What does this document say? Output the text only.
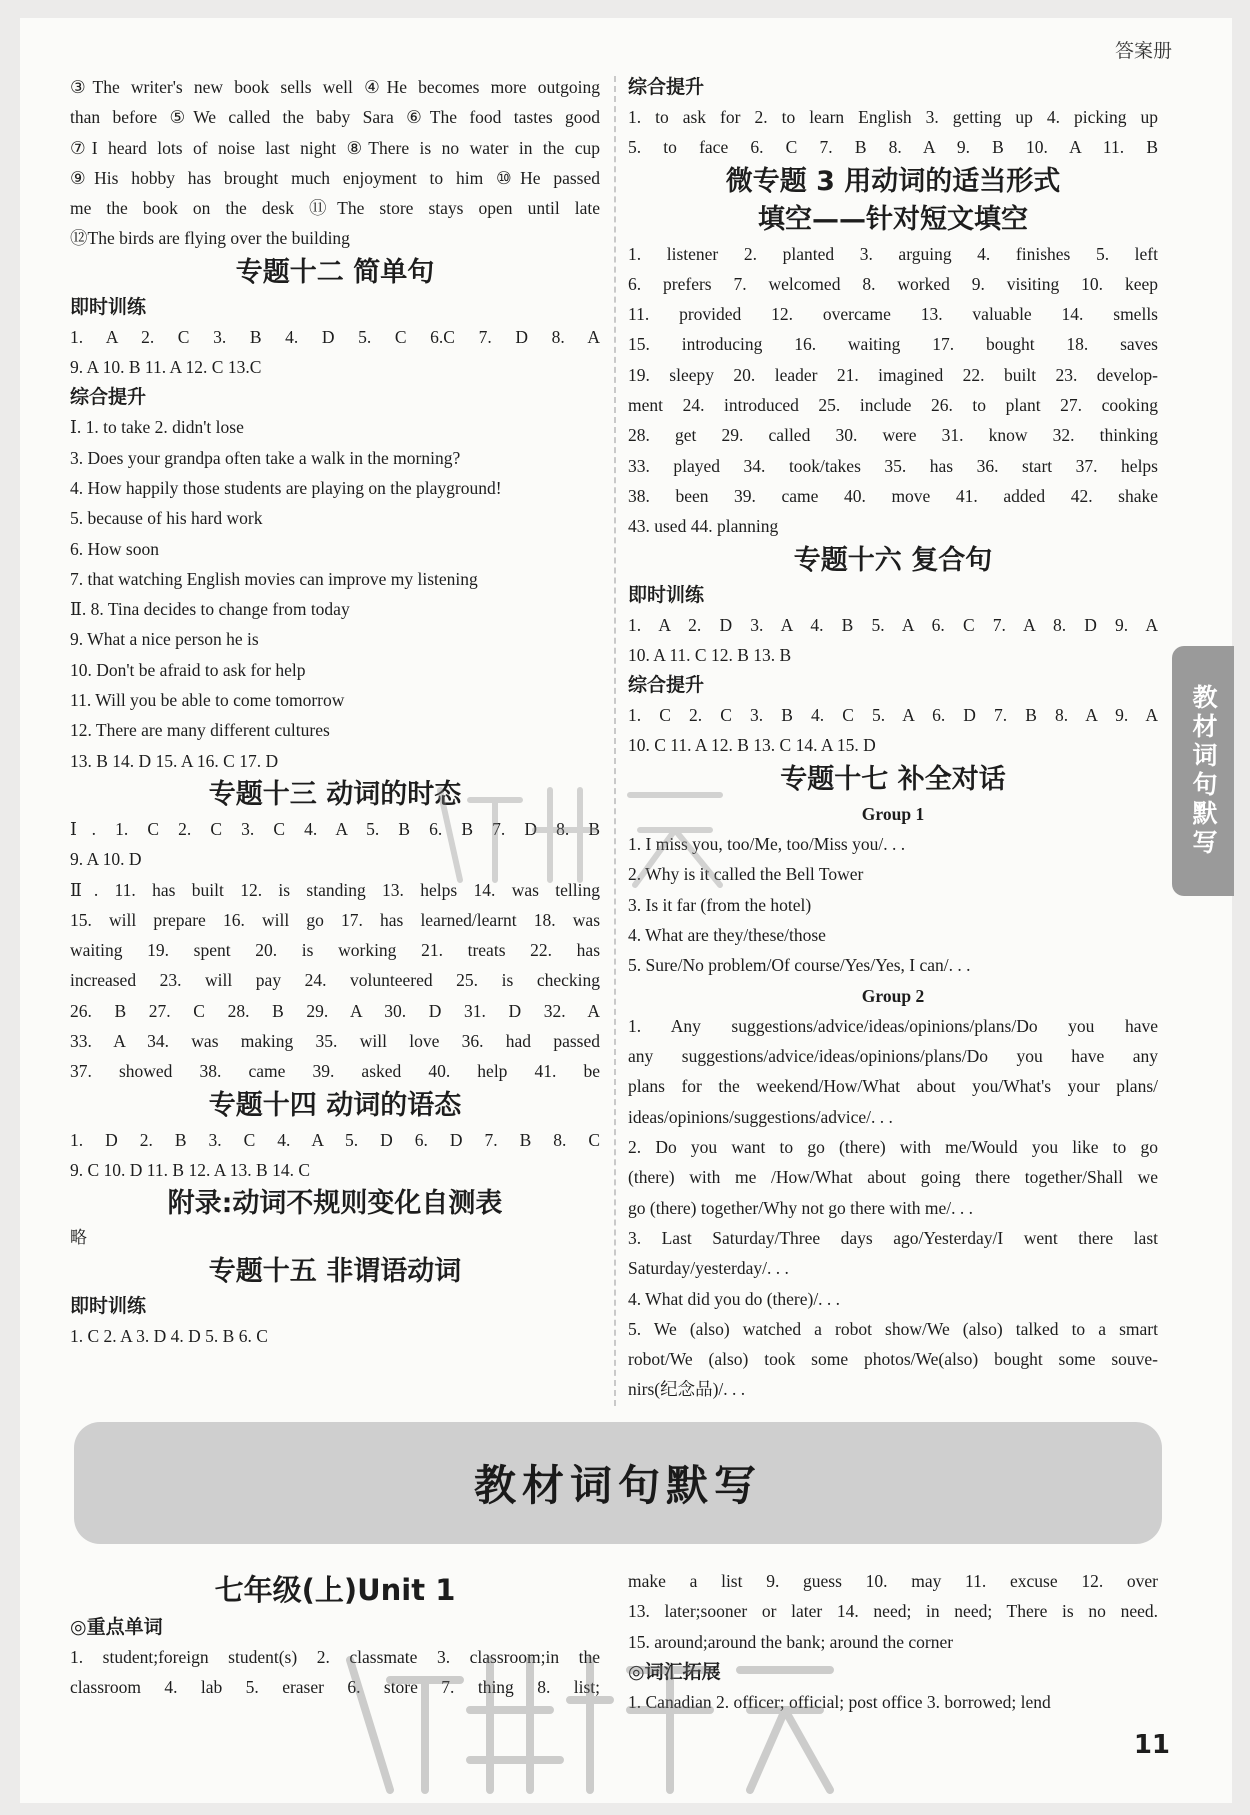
答案册
③The writer's new book sells well ④He becomes more outgoing
than before ⑤We called the baby Sara ⑥The food tastes good
⑦I heard lots of noise last night ⑧There is no water in the cup
⑨His hobby has brought much enjoyment to him ⑩He passed
me the book on the desk ⑪The store stays open until late
⑫The birds are flying over the building
专题十二 简单句
即时训练
1. A 2. C 3. B 4. D 5. C 6.C 7. D 8. A
9. A 10. B 11. A 12. C 13.C
综合提升
Ⅰ. 1. to take 2. didn't lose
3. Does your grandpa often take a walk in the morning?
4. How happily those students are playing on the playground!
5. because of his hard work
6. How soon
7. that watching English movies can improve my listening
Ⅱ. 8. Tina decides to change from today
9. What a nice person he is
10. Don't be afraid to ask for help
11. Will you be able to come tomorrow
12. There are many different cultures
13. B 14. D 15. A 16. C 17. D
专题十三 动词的时态
Ⅰ. 1. C 2. C 3. C 4. A 5. B 6. B 7. D 8. B
9. A 10. D
Ⅱ. 11. has built 12. is standing 13. helps 14. was telling
15. will prepare 16. will go 17. has learned/learnt 18. was
waiting 19. spent 20. is working 21. treats 22. has
increased 23. will pay 24. volunteered 25. is checking
26. B 27. C 28. B 29. A 30. D 31. D 32. A
33. A 34. was making 35. will love 36. had passed
37. showed 38. came 39. asked 40. help 41. be
专题十四 动词的语态
1. D 2. B 3. C 4. A 5. D 6. D 7. B 8. C
9. C 10. D 11. B 12. A 13. B 14. C
附录:动词不规则变化自测表
略
专题十五 非谓语动词
即时训练
1. C 2. A 3. D 4. D 5. B 6. C
综合提升
1. to ask for 2. to learn English 3. getting up 4. picking up
5. to face 6. C 7. B 8. A 9. B 10. A 11. B
微专题 3 用动词的适当形式
填空——针对短文填空
1. listener 2. planted 3. arguing 4. finishes 5. left
6. prefers 7. welcomed 8. worked 9. visiting 10. keep
11. provided 12. overcame 13. valuable 14. smells
15. introducing 16. waiting 17. bought 18. saves
19. sleepy 20. leader 21. imagined 22. built 23. develop-
ment 24. introduced 25. include 26. to plant 27. cooking
28. get 29. called 30. were 31. know 32. thinking
33. played 34. took/takes 35. has 36. start 37. helps
38. been 39. came 40. move 41. added 42. shake
43. used 44. planning
专题十六 复合句
即时训练
1. A 2. D 3. A 4. B 5. A 6. C 7. A 8. D 9. A
10. A 11. C 12. B 13. B
综合提升
1. C 2. C 3. B 4. C 5. A 6. D 7. B 8. A 9. A
10. C 11. A 12. B 13. C 14. A 15. D
专题十七 补全对话
Group 1
1. I miss you, too/Me, too/Miss you/. . .
2. Why is it called the Bell Tower
3. Is it far (from the hotel)
4. What are they/these/those
5. Sure/No problem/Of course/Yes/Yes, I can/. . .
Group 2
1. Any suggestions/advice/ideas/opinions/plans/Do you have
any suggestions/advice/ideas/opinions/plans/Do you have any
plans for the weekend/How/What about you/What's your plans/
ideas/opinions/suggestions/advice/. . .
2. Do you want to go (there) with me/Would you like to go
(there) with me /How/What about going there together/Shall we
go (there) together/Why not go there with me/. . .
3. Last Saturday/Three days ago/Yesterday/I went there last
Saturday/yesterday/. . .
4. What did you do (there)/. . .
5. We (also) watched a robot show/We (also) talked to a smart
robot/We (also) took some photos/We(also) bought some souve-
nirs(纪念品)/. . .
教材词句默写
教材词句默写
七年级(上)Unit 1
◎重点单词
1. student;foreign student(s) 2. classmate 3. classroom;in the
classroom 4. lab 5. eraser 6. store 7. thing 8. list;
make a list 9. guess 10. may 11. excuse 12. over
13. later;sooner or later 14. need; in need; There is no need.
15. around;around the bank; around the corner
◎词汇拓展
1. Canadian 2. officer; official; post office 3. borrowed; lend
11
